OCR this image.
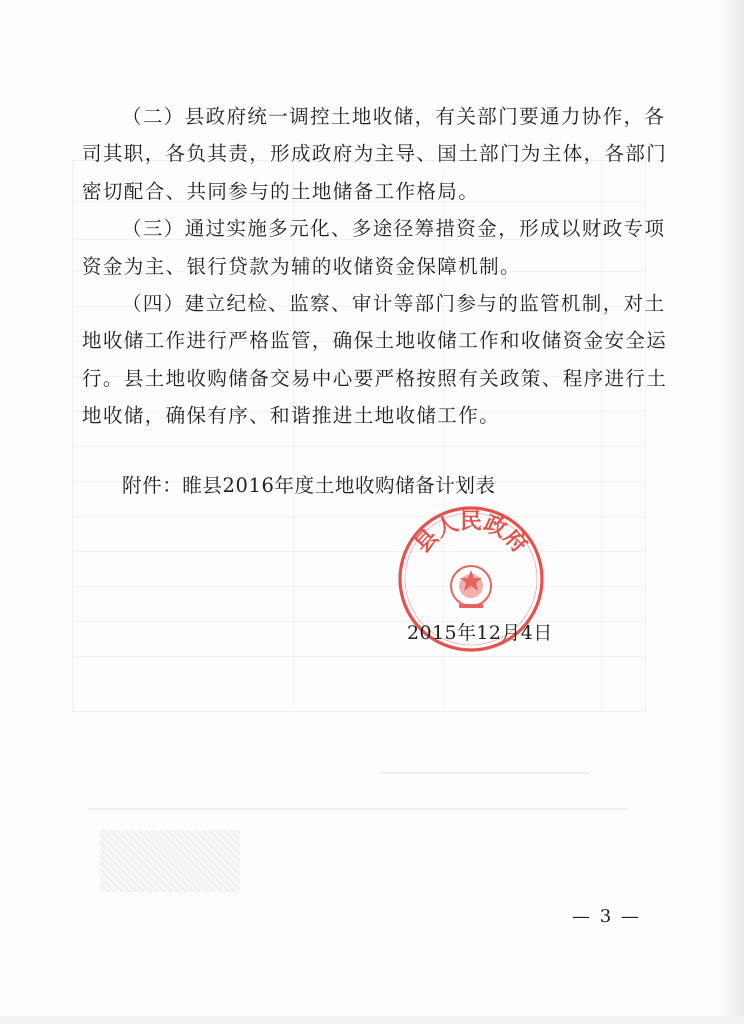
（二）县政府统一调控土地收储，有关部门要通力协作，各
司其职，各负其责，形成政府为主导、国土部门为主体，各部门
密切配合、共同参与的土地储备工作格局。
（三）通过实施多元化、多途径筹措资金，形成以财政专项
资金为主、银行贷款为辅的收储资金保障机制。
（四）建立纪检、监察、审计等部门参与的监管机制，对土
地收储工作进行严格监管，确保土地收储工作和收储资金安全运
行。县土地收购储备交易中心要严格按照有关政策、程序进行土
地收储，确保有序、和谐推进土地收储工作。
附件：睢县2016年度土地收购储备计划表
县人民政府
2015年12月4日
— 3 —
